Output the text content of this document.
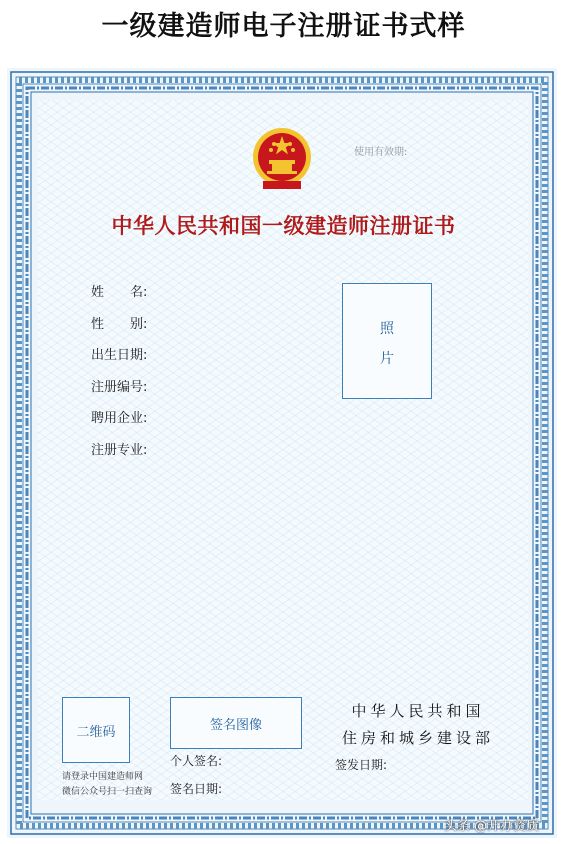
一级建造师电子注册证书式样
使用有效期:
中华人民共和国一级建造师注册证书
姓　　名:
性　　别:
出生日期:
注册编号:
聘用企业:
注册专业:
照
片
二维码
请登录中国建造师网
微信公众号扫一扫查询
签名图像
个人签名:
签名日期:
中华人民共和国
住房和城乡建设部
签发日期:
头条 @开办资质
